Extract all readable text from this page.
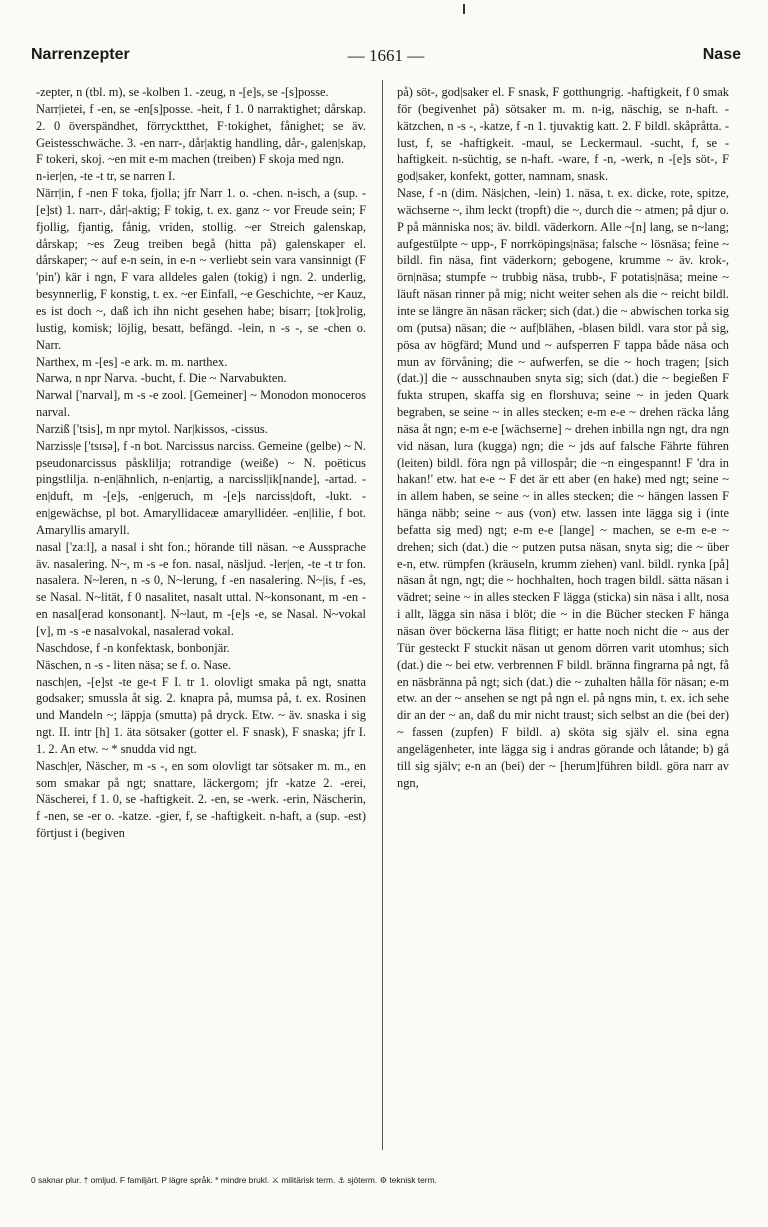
Narrenzepter	— 1661 —	Nase

-zepter, n (tbl. m), se -kolben 1. -zeug, n -[e]s, se -[s]posse.

Narr|ietei, f -en, se -en[s]posse. -heit, f 1. 0 narraktighet; dårskap. 2. 0 överspändhet, förrycktthet, F·tokighet, fånighet; se äv. Geistesschwäche. 3. -en narr-, dår|aktig handling, dår-, galen|skap, F tokeri, skoj. ~en mit e-m machen (treiben) F skoja med ngn.

n-ier|en, -te -t tr, se narren I.

Närr|in, f -nen F toka, fjolla; jfr Narr 1. o. -chen. n-isch, a (sup. -[e]st) 1. narr-, dår|-aktig; F tokig, t. ex. ganz ~ vor Freude sein; F fjollig, fjantig, fånig, vriden, stollig. ~er Streich galenskap, dårskap; ~es Zeug treiben begå (hitta på) galenskaper el. dårskaper; ~ auf e-n sein, in e-n ~ verliebt sein vara vansinnigt (F 'pin') kär i ngn, F vara alldeles galen (tokig) i ngn. 2. underlig, besynnerlig, F konstig, t. ex. ~er Einfall, ~e Geschichte, ~er Kauz, es ist doch ~, daß ich ihn nicht gesehen habe; bisarr; [tok]rolig, lustig, komisk; löjlig, besatt, befängd. -lein, n -s -, se -chen o. Narr.

Narthex, m -[es] -e ark. m. m. narthex.

Narwa, n npr Narva. -bucht, f. Die ~ Narvabukten.

Narwal ['narval], m -s -e zool. [Gemeiner] ~ Monodon monoceros narval.

Narziß ['tsis], m npr mytol. Nar|kissos, -cissus.

Narziss|e ['tsɪsə], f -n bot. Narcissus narciss. Gemeine (gelbe) ~ N. pseudonarcissus påsklilja; rotrandige (weiße) ~ N. poëticus pingstlilja. n-en|ähnlich, n-en|artig, a narcissl|ik[nande], -artad. -en|duft, m -[e]s, -en|geruch, m -[e]s narciss|doft, -lukt. -en|gewächse, pl bot. Amaryllidaceæ amaryllidéer. -en|lilie, f bot. Amaryllis amaryll.

nasal ['zaːl], a nasal i sht fon.; hörande till näsan. ~e Aussprache äv. nasalering. N~, m -s -e fon. nasal, näsljud. -ler|en, -te -t tr fon. nasalera. N~leren, n -s 0, N~lerung, f -en nasalering. N~|is, f -es, se Nasal. N~lität, f 0 nasalitet, nasalt uttal. N~konsonant, m -en -en nasal[erad konsonant]. N~laut, m -[e]s -e, se Nasal. N~vokal [v], m -s -e nasalvokal, nasalerad vokal.

Naschdose, f -n konfektask, bonbonjär.

Näschen, n -s - liten näsa; se f. o. Nase.

nasch|en, -[e]st -te ge-t F I. tr 1. olovligt smaka på ngt, snatta godsaker; smussla åt sig. 2. knapra på, mumsa på, t. ex. Rosinen und Mandeln ~; läppja (smutta) på dryck. Etw. ~ äv. snaska i sig ngt. II. intr [h] 1. äta sötsaker (gotter el. F snask), F snaska; jfr I. 1. 2. An etw. ~ * snudda vid ngt.

Nasch|er, Näscher, m -s -, en som olovligt tar sötsaker m. m., en som smakar på ngt; snattare, läckergom; jfr -katze 2. -erei, Näscherei, f 1. 0, se -haftigkeit. 2. -en, se -werk. -erin, Näscherin, f -nen, se -er o. -katze. -gier, f, se -haftigkeit. n-haft, a (sup. -est) förtjust i (begiven

på) söt-, god|saker el. F snask, F gotthungrig. -haftigkeit, f 0 smak för (begivenhet på) sötsaker m. m. n-ig, näschig, se n-haft. -kätzchen, n -s -, -katze, f -n 1. tjuvaktig katt. 2. F bildl. skåpråtta. -lust, f, se -haftigkeit. -maul, se Leckermaul. -sucht, f, se -haftigkeit. n-süchtig, se n-haft. -ware, f -n, -werk, n -[e]s söt-, F god|saker, konfekt, gotter, namnam, snask.

Nase, f -n (dim. Näs|chen, -lein) 1. näsa, t. ex. dicke, rote, spitze, wächserne ~, ihm leckt (tropft) die ~, durch die ~ atmen; på djur o. P på människa nos; äv. bildl. väderkorn. Alle ~[n] lang, se n~lang; aufgestülpte ~ upp-, F norrköpings|näsa; falsche ~ lösnäsa; feine ~ bildl. fin näsa, fint väderkorn; gebogene, krumme ~ äv. krok-, örn|näsa; stumpfe ~ trubbig näsa, trubb-, F potatis|näsa; meine ~ läuft näsan rinner på mig; nicht weiter sehen als die ~ reicht bildl. inte se längre än näsan räcker; sich (dat.) die ~ abwischen torka sig om (putsa) näsan; die ~ auf|blähen, -blasen bildl. vara stor på sig, pösa av högfärd; Mund und ~ aufsperren F tappa både näsa och mun av förvåning; die ~ aufwerfen, se die ~ hoch tragen; [sich (dat.)] die ~ ausschnauben snyta sig; sich (dat.) die ~ begießen F fukta strupen, skaffa sig en florshuva; seine ~ in jeden Quark begraben, se seine ~ in alles stecken; e-m e-e ~ drehen räcka lång näsa åt ngn; e-m e-e [wächserne] ~ drehen inbilla ngn ngt, dra ngn vid näsan, lura (kugga) ngn; die ~ jds auf falsche Fährte führen (leiten) bildl. föra ngn på villospår; die ~n eingespannt! F 'dra in hakan!' etw. hat e-e ~ F det är ett aber (en hake) med ngt; seine ~ in allem haben, se seine ~ in alles stecken; die ~ hängen lassen F hänga näbb; seine ~ aus (von) etw. lassen inte lägga sig i (inte befatta sig med) ngt; e-m e-e [lange] ~ machen, se e-m e-e ~ drehen; sich (dat.) die ~ putzen putsa näsan, snyta sig; die ~ über e-n, etw. rümpfen (kräuseln, krumm ziehen) vanl. bildl. rynka [på] näsan åt ngn, ngt; die ~ hochhalten, hoch tragen bildl. sätta näsan i vädret; seine ~ in alles stecken F lägga (sticka) sin näsa i allt, nosa i allt, lägga sin näsa i blöt; die ~ in die Bücher stecken F hänga näsan över böckerna läsa flitigt; er hatte noch nicht die ~ aus der Tür gesteckt F stuckit näsan ut genom dörren varit utomhus; sich (dat.) die ~ bei etw. verbrennen F bildl. bränna fingrarna på ngt, få en näsbränna på ngt; sich (dat.) die ~ zuhalten hålla för näsan; e-m etw. an der ~ ansehen se ngt på ngn el. på ngns min, t. ex. ich sehe dir an der ~ an, daß du mir nicht traust; sich selbst an die (bei der) ~ fassen (zupfen) F bildl. a) sköta sig själv el. sina egna angelägenheter, inte lägga sig i andras görande och låtande; b) gå till sig själv; e-n an (bei) der ~ [herum]führen bildl. göra narr av ngn,

0 saknar plur. † omljud. F familjärt. P lägre språk. * mindre brukl. ⚔ militärisk term. ⚓ sjöterm. ⚙ teknisk term.
